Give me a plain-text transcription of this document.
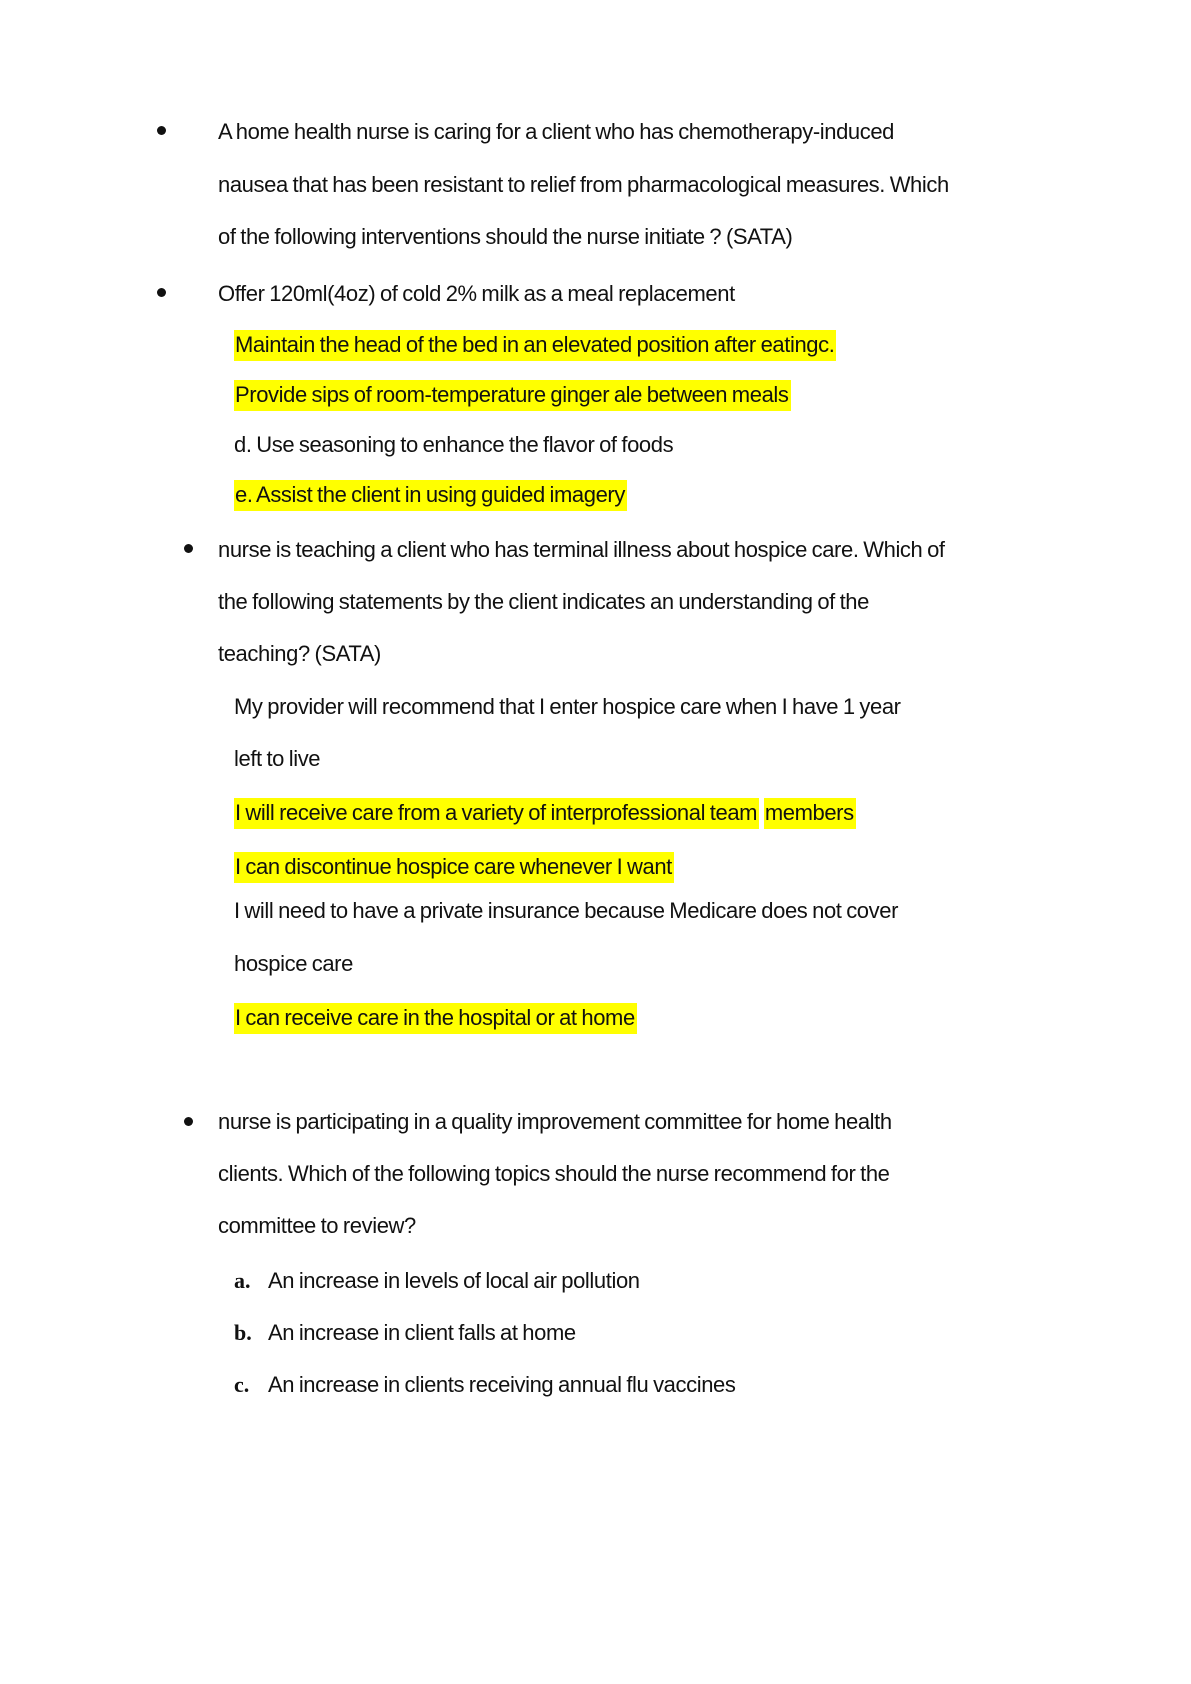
A home health nurse is caring for a client who has chemotherapy-induced
nausea that has been resistant to relief from pharmacological measures. Which
of the following interventions should the nurse initiate ? (SATA)
Offer 120ml(4oz) of cold 2% milk as a meal replacement
Maintain the head of the bed in an elevated position after eatingc.
Provide sips of room-temperature ginger ale between meals
d. Use seasoning to enhance the flavor of foods
e. Assist the client in using guided imagery
nurse is teaching a client who has terminal illness about hospice care. Which of
the following statements by the client indicates an understanding of the
teaching? (SATA)
My provider will recommend that I enter hospice care when I have 1 year
left to live
I will receive care from a variety of interprofessional team members
I can discontinue hospice care whenever I want
I will need to have a private insurance because Medicare does not cover
hospice care
I can receive care in the hospital or at home
nurse is participating in a quality improvement committee for home health
clients. Which of the following topics should the nurse recommend for the
committee to review?
a. An increase in levels of local air pollution
b. An increase in client falls at home
c. An increase in clients receiving annual flu vaccines
